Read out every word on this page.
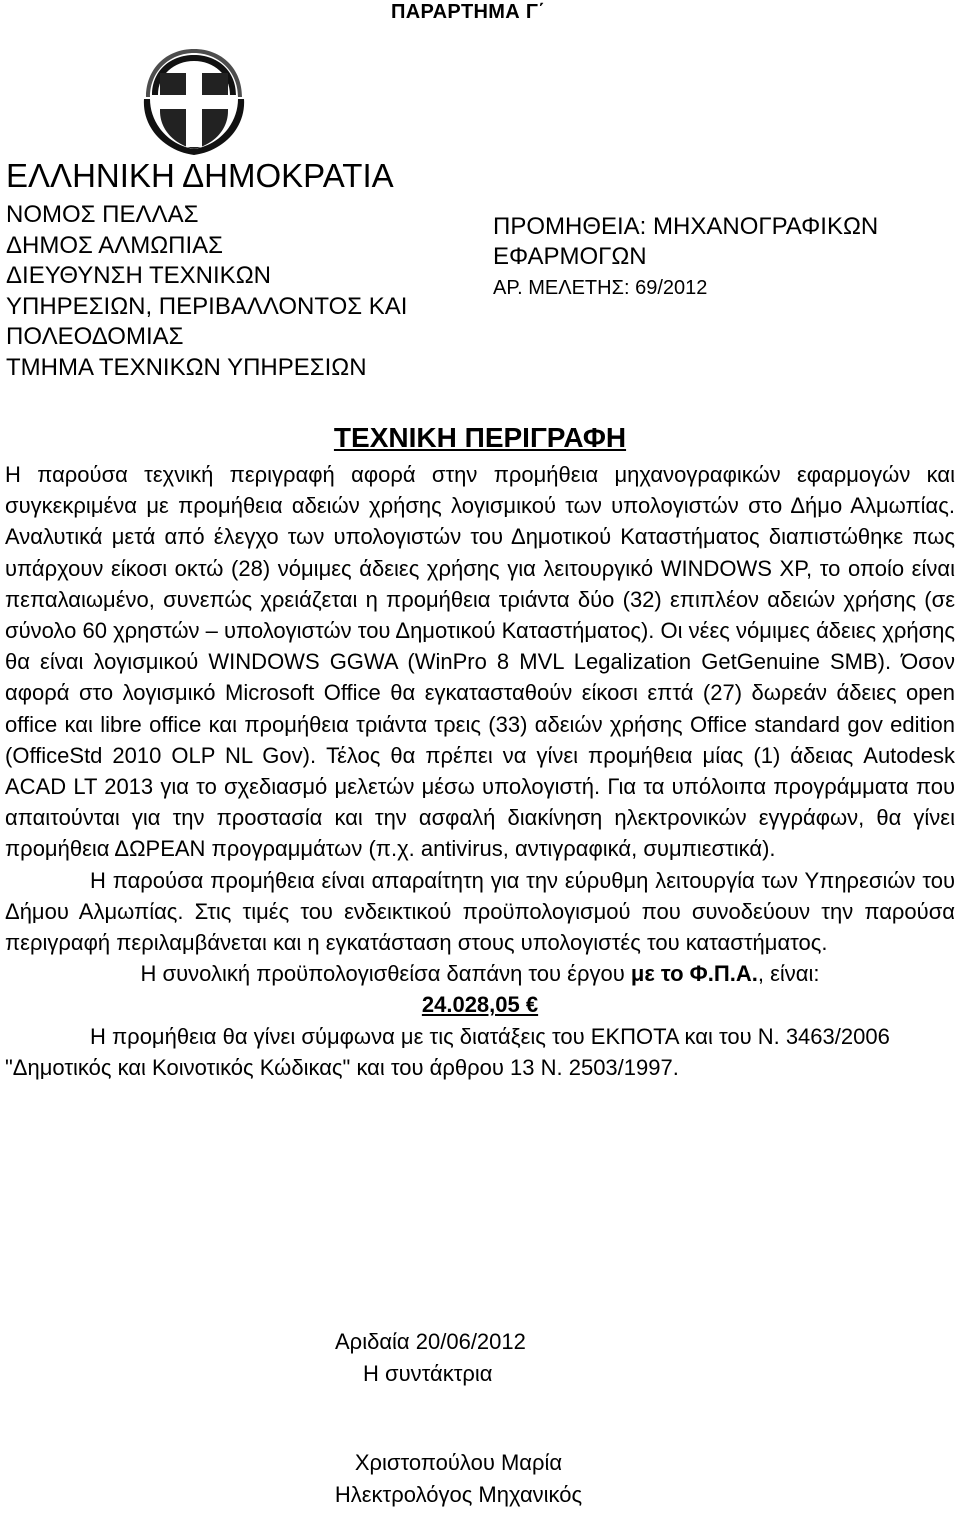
ΠΑΡΑΡΤΗΜΑ Γ΄
ΕΛΛΗΝΙΚΗ ΔΗΜΟΚΡΑΤΙΑ
ΝΟΜΟΣ ΠΕΛΛΑΣ
ΔΗΜΟΣ ΑΛΜΩΠΙΑΣ
ΔΙΕΥΘΥΝΣΗ ΤΕΧΝΙΚΩΝ
ΥΠΗΡΕΣΙΩΝ, ΠΕΡΙΒΑΛΛΟΝΤΟΣ ΚΑΙ
ΠΟΛΕΟΔΟΜΙΑΣ
ΤΜΗΜΑ ΤΕΧΝΙΚΩΝ ΥΠΗΡΕΣΙΩΝ
ΠΡΟΜΗΘΕΙΑ: ΜΗΧΑΝΟΓΡΑΦΙΚΩΝ
ΕΦΑΡΜΟΓΩΝ
ΑΡ. ΜΕΛΕΤΗΣ: 69/2012
ΤΕΧΝΙΚΗ ΠΕΡΙΓΡΑΦΗ

Η παρούσα τεχνική περιγραφή αφορά στην προμήθεια μηχανογραφικών εφαρμογών και συγκεκριμένα με προμήθεια αδειών χρήσης λογισμικού των υπολογιστών στο Δήμο Αλμωπίας. Αναλυτικά μετά από έλεγχο των υπολογιστών του Δημοτικού Καταστήματος διαπιστώθηκε πως υπάρχουν είκοσι οκτώ (28) νόμιμες άδειες χρήσης για λειτουργικό WINDOWS XP, το οποίο είναι πεπαλαιωμένο, συνεπώς χρειάζεται η προμήθεια τριάντα δύο (32) επιπλέον αδειών χρήσης (σε σύνολο 60 χρηστών – υπολογιστών του Δημοτικού Καταστήματος). Οι νέες νόμιμες άδειες χρήσης θα είναι λογισμικού WINDOWS GGWA (WinPro 8 MVL Legalization GetGenuine SMB). Όσον αφορά στο λογισμικό Microsoft Office θα εγκατασταθούν είκοσι επτά (27) δωρεάν άδειες open office και libre office και προμήθεια τριάντα τρεις (33) αδειών χρήσης Office standard gov edition (OfficeStd 2010 OLP NL Gov). Τέλος θα πρέπει να γίνει προμήθεια μίας (1) άδειας Autodesk ACAD LT 2013 για το σχεδιασμό μελετών μέσω υπολογιστή. Για τα υπόλοιπα προγράμματα που απαιτούνται για την προστασία και την ασφαλή διακίνηση ηλεκτρονικών εγγράφων, θα γίνει προμήθεια ΔΩΡΕΑΝ προγραμμάτων (π.χ. antivirus, αντιγραφικά, συμπιεστικά).

Η παρούσα προμήθεια είναι απαραίτητη για την εύρυθμη λειτουργία των Υπηρεσιών του Δήμου Αλμωπίας. Στις τιμές του ενδεικτικού προϋπολογισμού που συνοδεύουν την παρούσα περιγραφή περιλαμβάνεται και η εγκατάσταση στους υπολογιστές του καταστήματος.

Η συνολική προϋπολογισθείσα δαπάνη του έργου με το Φ.Π.Α., είναι:

24.028,05 €

Η προμήθεια θα γίνει σύμφωνα με τις διατάξεις του ΕΚΠΟΤΑ και του Ν. 3463/2006 "Δημοτικός και Κοινοτικός Κώδικας" και του άρθρου 13 Ν. 2503/1997.

Αριδαία 20/06/2012
Η συντάκτρια
Χριστοπούλου Μαρία
Ηλεκτρολόγος Μηχανικός
